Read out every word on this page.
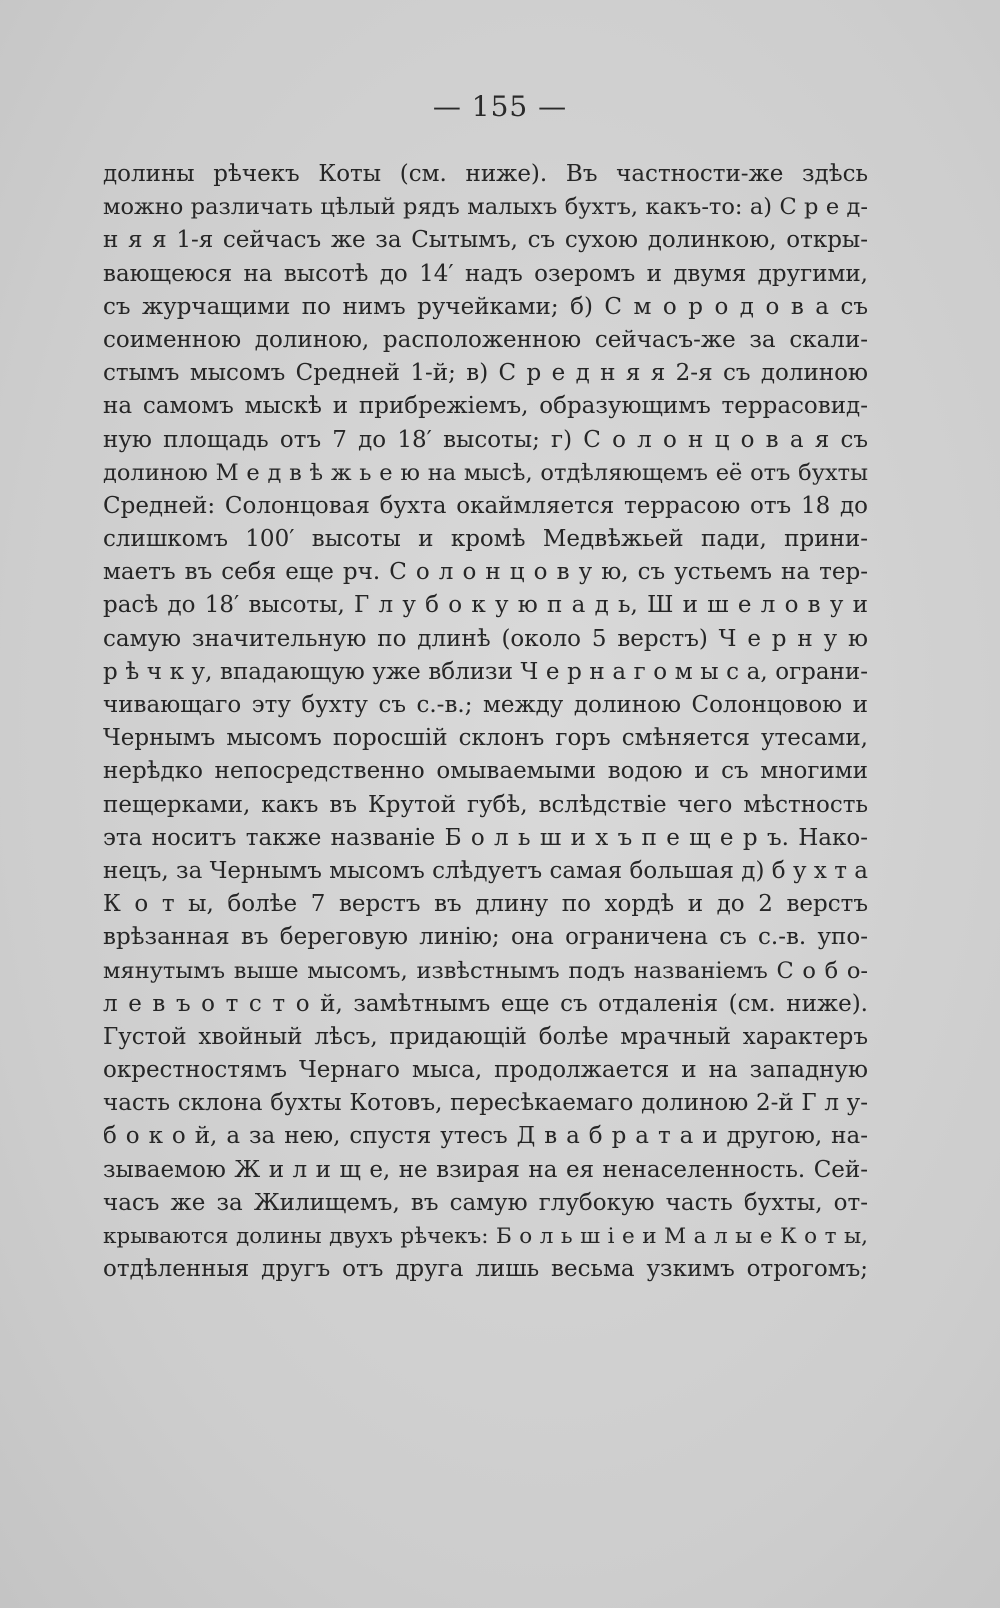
— 155 —
долины рѣчекъ Коты (см. ниже). Въ частности-же здѣсь
можно различать цѣлый рядъ малыхъ бухтъ, какъ-то: а) С р е д-
н я я 1-я сейчасъ же за Сытымъ, съ сухою долинкою, откры-
вающеюся на высотѣ до 14′ надъ озеромъ и двумя другими,
съ журчащими по нимъ ручейками; б) С м о р о д о в а съ
соименною долиною, расположенною сейчасъ-же за скали-
стымъ мысомъ Средней 1-й; в) С р е д н я я 2-я съ долиною
на самомъ мыскѣ и прибрежіемъ, образующимъ террасовид-
ную площадь отъ 7 до 18′ высоты; г) С о л о н ц о в а я съ
долиною М е д в ѣ ж ь е ю на мысѣ, отдѣляющемъ её отъ бухты
Средней: Солонцовая бухта окаймляется террасою отъ 18 до
слишкомъ 100′ высоты и кромѣ Медвѣжьей пади, прини-
маетъ въ себя еще рч. С о л о н ц о в у ю, съ устьемъ на тер-
расѣ до 18′ высоты, Г л у б о к у ю п а д ь, Ш и ш е л о в у и
самую значительную по длинѣ (около 5 верстъ) Ч е р н у ю
р ѣ ч к у, впадающую уже вблизи Ч е р н а г о м ы с а, ограни-
чивающаго эту бухту съ с.-в.; между долиною Солонцовою и
Чернымъ мысомъ поросшій склонъ горъ смѣняется утесами,
нерѣдко непосредственно омываемыми водою и съ многими
пещерками, какъ въ Крутой губѣ, вслѣдствіе чего мѣстность
эта носитъ также названіе Б о л ь ш и х ъ п е щ е р ъ. Нако-
нецъ, за Чернымъ мысомъ слѣдуетъ самая большая д) б у х т а
К о т ы, болѣе 7 верстъ въ длину по хордѣ и до 2 верстъ
врѣзанная въ береговую линію; она ограничена съ с.-в. упо-
мянутымъ выше мысомъ, извѣстнымъ подъ названіемъ С о б о-
л е в ъ о т с т о й, замѣтнымъ еще съ отдаленія (см. ниже).
Густой хвойный лѣсъ, придающій болѣе мрачный характеръ
окрестностямъ Чернаго мыса, продолжается и на западную
часть склона бухты Котовъ, пересѣкаемаго долиною 2-й Г л у-
б о к о й, а за нею, спустя утесъ Д в а б р а т а и другою, на-
зываемою Ж и л и щ е, не взирая на ея ненаселенность. Сей-
часъ же за Жилищемъ, въ самую глубокую часть бухты, от-
крываются долины двухъ рѣчекъ: Б о л ь ш і е и М а л ы е К о т ы,
отдѣленныя другъ отъ друга лишь весьма узкимъ отрогомъ;
